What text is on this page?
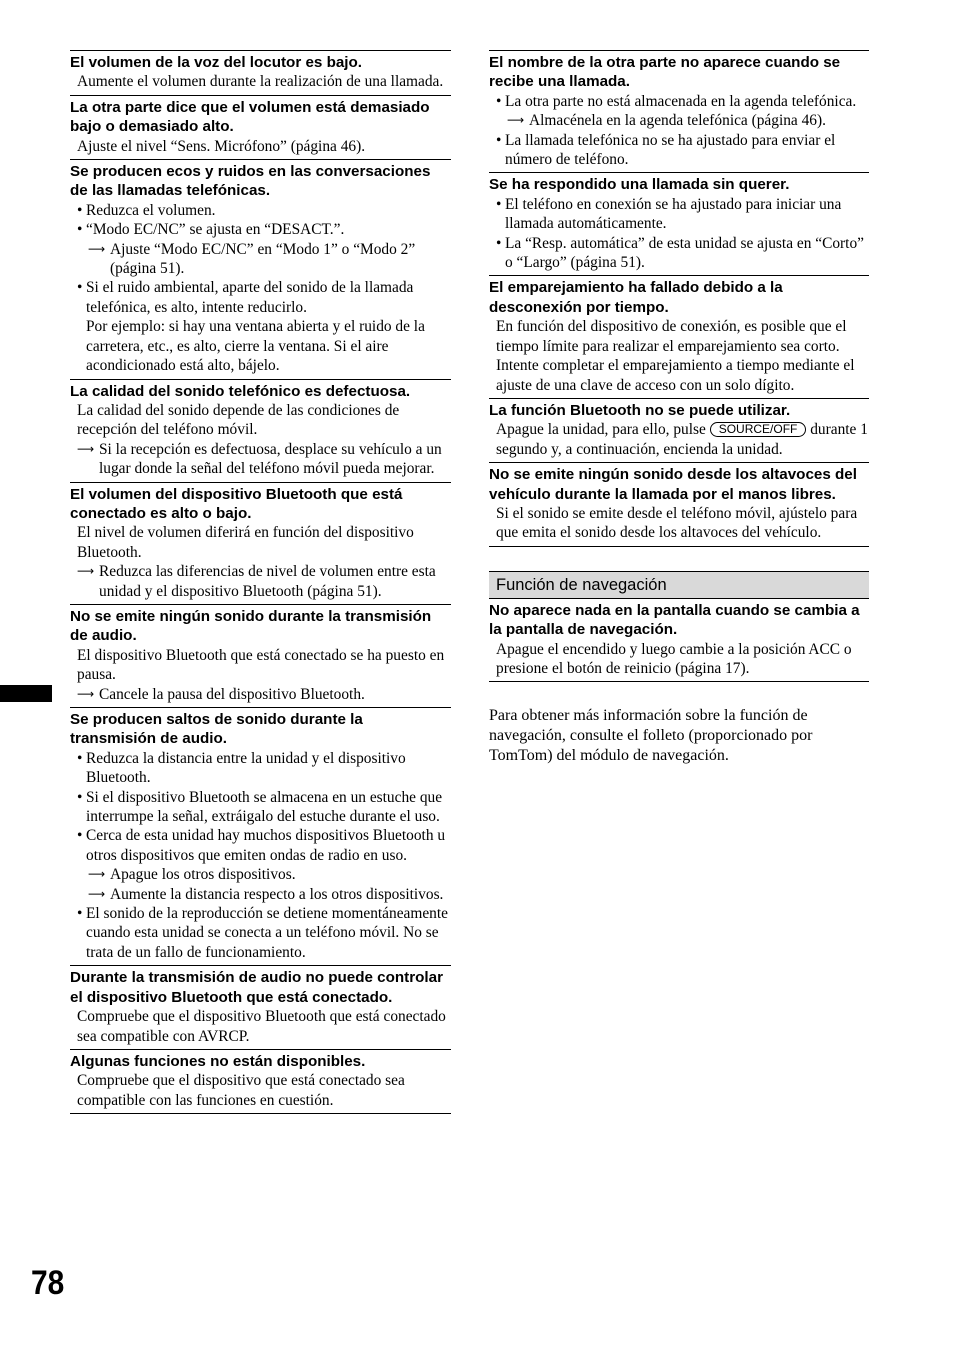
El volumen de la voz del locutor es bajo.

Aumente el volumen durante la realización de una llamada.

La otra parte dice que el volumen está demasiado bajo o demasiado alto.

Ajuste el nivel “Sens. Micrófono” (página 46).

Se producen ecos y ruidos en las conversaciones de las llamadas telefónicas.

• Reduzca el volumen.
• “Modo EC/NC” se ajusta en “DESACT.”.
⟶ Ajuste “Modo EC/NC” en “Modo 1” o “Modo 2” (página 51).
• Si el ruido ambiental, aparte del sonido de la llamada telefónica, es alto, intente reducirlo.
Por ejemplo: si hay una ventana abierta y el ruido de la carretera, etc., es alto, cierre la ventana. Si el aire acondicionado está alto, bájelo.

La calidad del sonido telefónico es defectuosa.

La calidad del sonido depende de las condiciones de recepción del teléfono móvil.

⟶ Si la recepción es defectuosa, desplace su vehículo a un lugar donde la señal del teléfono móvil pueda mejorar.

El volumen del dispositivo Bluetooth que está conectado es alto o bajo.

El nivel de volumen diferirá en función del dispositivo Bluetooth.

⟶ Reduzca las diferencias de nivel de volumen entre esta unidad y el dispositivo Bluetooth (página 51).

No se emite ningún sonido durante la transmisión de audio.

El dispositivo Bluetooth que está conectado se ha puesto en pausa.

⟶ Cancele la pausa del dispositivo Bluetooth.

Se producen saltos de sonido durante la transmisión de audio.

• Reduzca la distancia entre la unidad y el dispositivo Bluetooth.
• Si el dispositivo Bluetooth se almacena en un estuche que interrumpe la señal, extráigalo del estuche durante el uso.
• Cerca de esta unidad hay muchos dispositivos Bluetooth u otros dispositivos que emiten ondas de radio en uso.
⟶ Apague los otros dispositivos.
⟶ Aumente la distancia respecto a los otros dispositivos.
• El sonido de la reproducción se detiene momentáneamente cuando esta unidad se conecta a un teléfono móvil. No se trata de un fallo de funcionamiento.

Durante la transmisión de audio no puede controlar el dispositivo Bluetooth que está conectado.

Compruebe que el dispositivo Bluetooth que está conectado sea compatible con AVRCP.

Algunas funciones no están disponibles.

Compruebe que el dispositivo que está conectado sea compatible con las funciones en cuestión.

El nombre de la otra parte no aparece cuando se recibe una llamada.

• La otra parte no está almacenada en la agenda telefónica.
⟶ Almacénela en la agenda telefónica (página 46).
• La llamada telefónica no se ha ajustado para enviar el número de teléfono.

Se ha respondido una llamada sin querer.

• El teléfono en conexión se ha ajustado para iniciar una llamada automáticamente.
• La “Resp. automática” de esta unidad se ajusta en “Corto” o “Largo” (página 51).

El emparejamiento ha fallado debido a la desconexión por tiempo.

En función del dispositivo de conexión, es posible que el tiempo límite para realizar el emparejamiento sea corto. Intente completar el emparejamiento a tiempo mediante el ajuste de una clave de acceso con un solo dígito.

La función Bluetooth no se puede utilizar.

Apague la unidad, para ello, pulse SOURCE/OFF durante 1 segundo y, a continuación, encienda la unidad.

No se emite ningún sonido desde los altavoces del vehículo durante la llamada por el manos libres.

Si el sonido se emite desde el teléfono móvil, ajústelo para que emita el sonido desde los altavoces del vehículo.

Función de navegación

No aparece nada en la pantalla cuando se cambia a la pantalla de navegación.

Apague el encendido y luego cambie a la posición ACC o presione el botón de reinicio (página 17).

Para obtener más información sobre la función de navegación, consulte el folleto (proporcionado por TomTom) del módulo de navegación.
78
